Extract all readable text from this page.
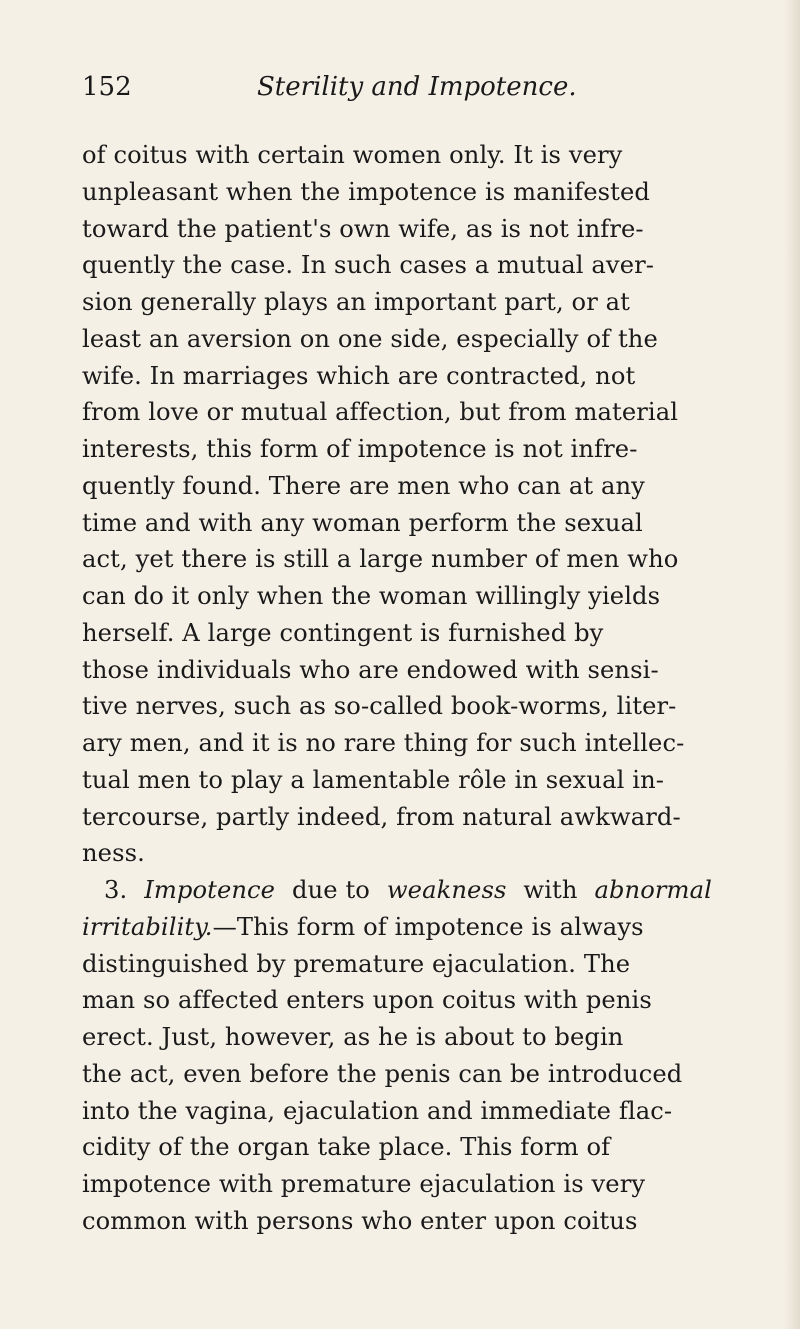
152	Sterility and Impotence.
of coitus with certain women only. It is very
unpleasant when the impotence is manifested
toward the patient's own wife, as is not infre-
quently the case. In such cases a mutual aver-
sion generally plays an important part, or at
least an aversion on one side, especially of the
wife. In marriages which are contracted, not
from love or mutual affection, but from material
interests, this form of impotence is not infre-
quently found. There are men who can at any
time and with any woman perform the sexual
act, yet there is still a large number of men who
can do it only when the woman willingly yields
herself. A large contingent is furnished by
those individuals who are endowed with sensi-
tive nerves, such as so-called book-worms, liter-
ary men, and it is no rare thing for such intellec-
tual men to play a lamentable rôle in sexual in-
tercourse, partly indeed, from natural awkward-
ness.
3. Impotence due to weakness with abnormal
irritability. —This form of impotence is always
distinguished by premature ejaculation. The
man so affected enters upon coitus with penis
erect. Just, however, as he is about to begin
the act, even before the penis can be introduced
into the vagina, ejaculation and immediate flac-
cidity of the organ take place. This form of
impotence with premature ejaculation is very
common with persons who enter upon coitus
